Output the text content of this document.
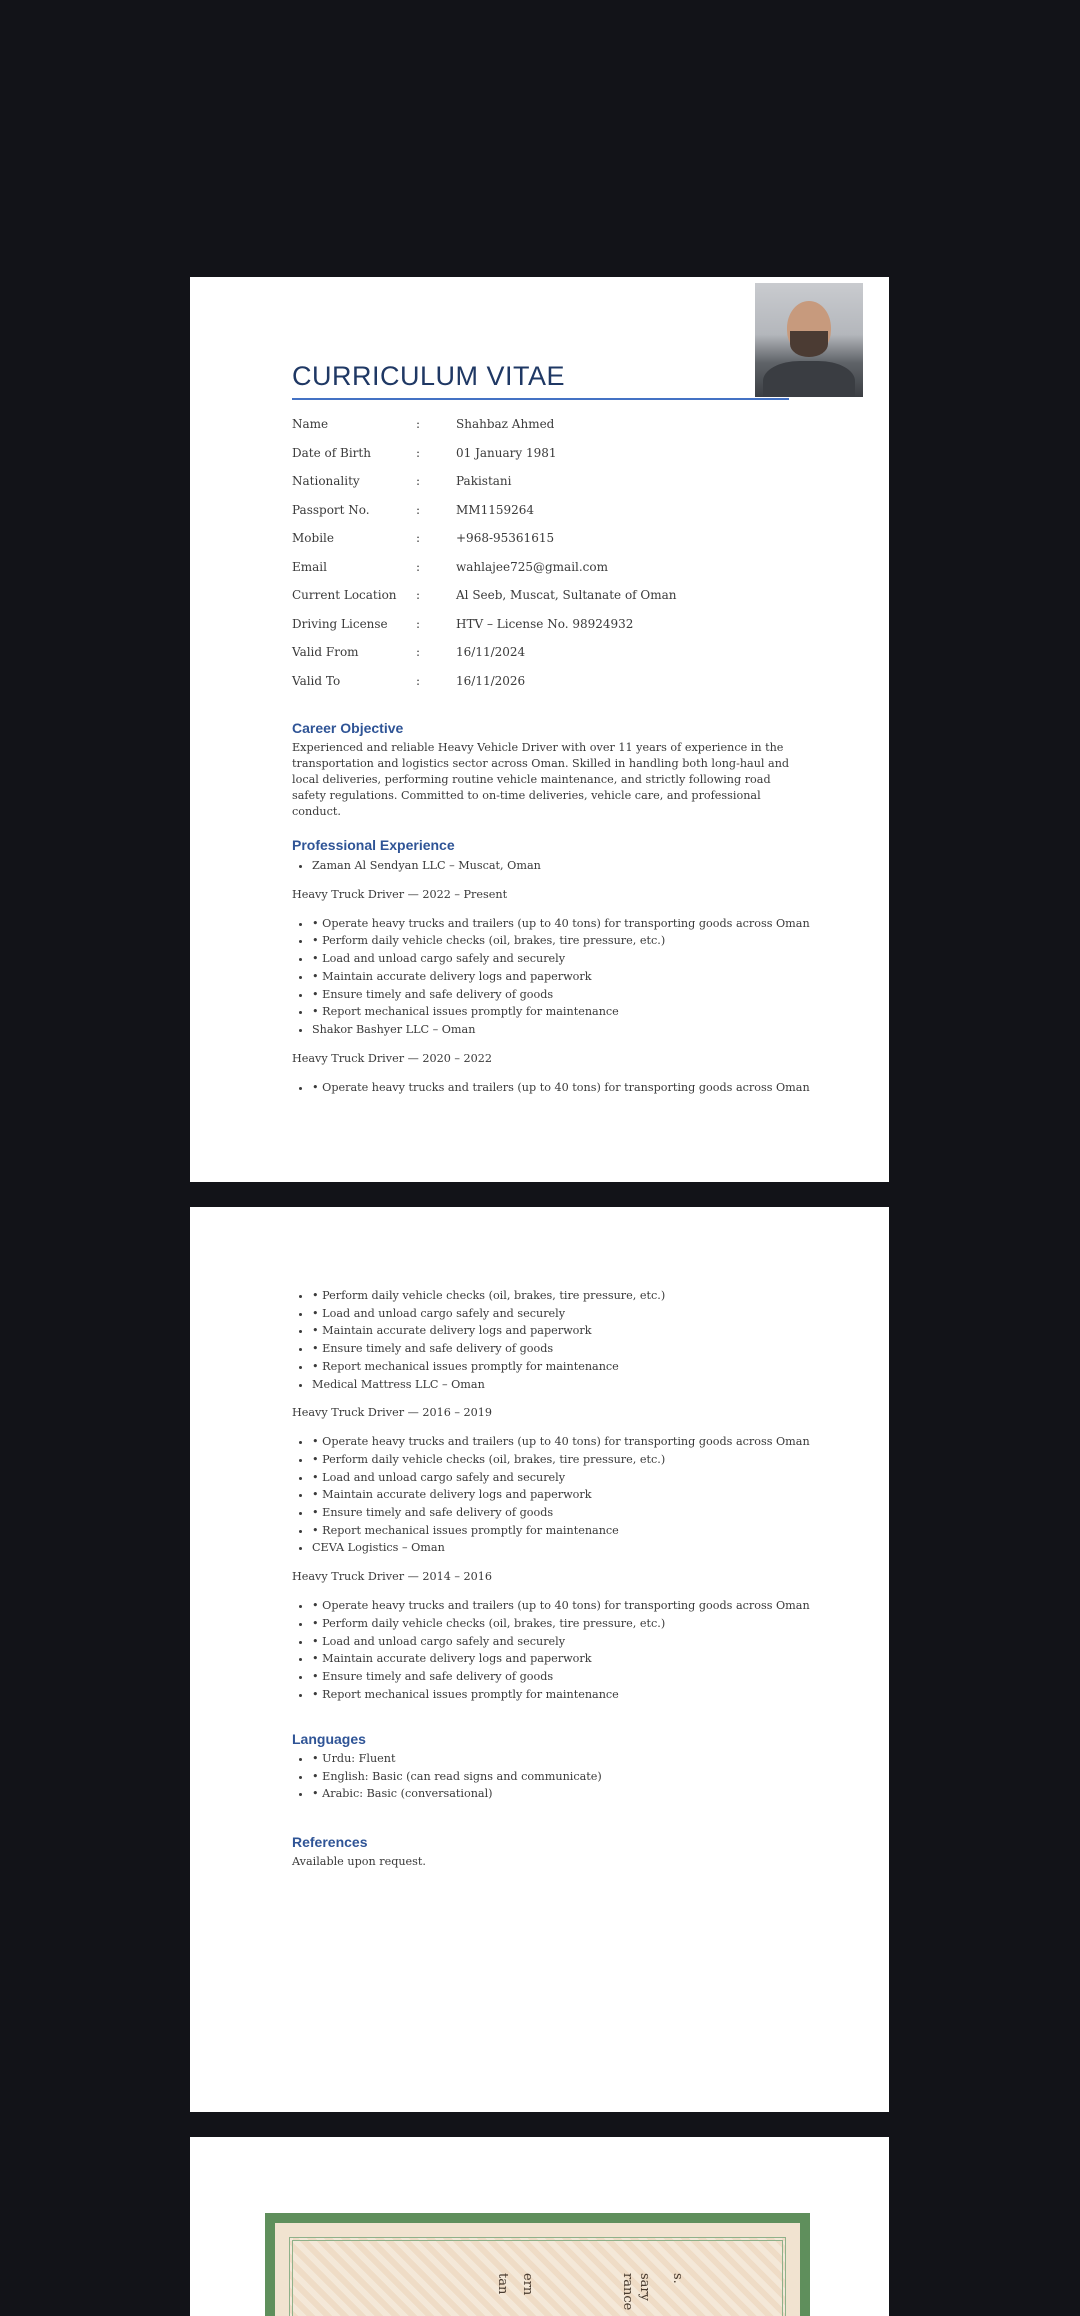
CURRICULUM VITAE
Name	:	Shahbaz Ahmed
Date of Birth	:	01 January 1981
Nationality	:	Pakistani
Passport No.	:	MM1159264
Mobile	:	+968-95361615
Email	:	wahlajee725@gmail.com
Current Location	:	Al Seeb, Muscat, Sultanate of Oman
Driving License	:	HTV – License No. 98924932
Valid From	:	16/11/2024
Valid To	:	16/11/2026
Career Objective
Experienced and reliable Heavy Vehicle Driver with over 11 years of experience in the transportation and logistics sector across Oman. Skilled in handling both long-haul and local deliveries, performing routine vehicle maintenance, and strictly following road safety regulations. Committed to on-time deliveries, vehicle care, and professional conduct.
Professional Experience
• Zaman Al Sendyan LLC – Muscat, Oman
Heavy Truck Driver — 2022 – Present
• • Operate heavy trucks and trailers (up to 40 tons) for transporting goods across Oman
• • Perform daily vehicle checks (oil, brakes, tire pressure, etc.)
• • Load and unload cargo safely and securely
• • Maintain accurate delivery logs and paperwork
• • Ensure timely and safe delivery of goods
• • Report mechanical issues promptly for maintenance
• Shakor Bashyer LLC – Oman
Heavy Truck Driver — 2020 – 2022
• • Operate heavy trucks and trailers (up to 40 tons) for transporting goods across Oman
• • Perform daily vehicle checks (oil, brakes, tire pressure, etc.)
• • Load and unload cargo safely and securely
• • Maintain accurate delivery logs and paperwork
• • Ensure timely and safe delivery of goods
• • Report mechanical issues promptly for maintenance
• Medical Mattress LLC – Oman
Heavy Truck Driver — 2016 – 2019
• • Operate heavy trucks and trailers (up to 40 tons) for transporting goods across Oman
• • Perform daily vehicle checks (oil, brakes, tire pressure, etc.)
• • Load and unload cargo safely and securely
• • Maintain accurate delivery logs and paperwork
• • Ensure timely and safe delivery of goods
• • Report mechanical issues promptly for maintenance
• CEVA Logistics – Oman
Heavy Truck Driver — 2014 – 2016
• • Operate heavy trucks and trailers (up to 40 tons) for transporting goods across Oman
• • Perform daily vehicle checks (oil, brakes, tire pressure, etc.)
• • Load and unload cargo safely and securely
• • Maintain accurate delivery logs and paperwork
• • Ensure timely and safe delivery of goods
• • Report mechanical issues promptly for maintenance
Languages
• • Urdu: Fluent
• • English: Basic (can read signs and communicate)
• • Arabic: Basic (conversational)
References
Available upon request.
tan ern	rance sary s.
